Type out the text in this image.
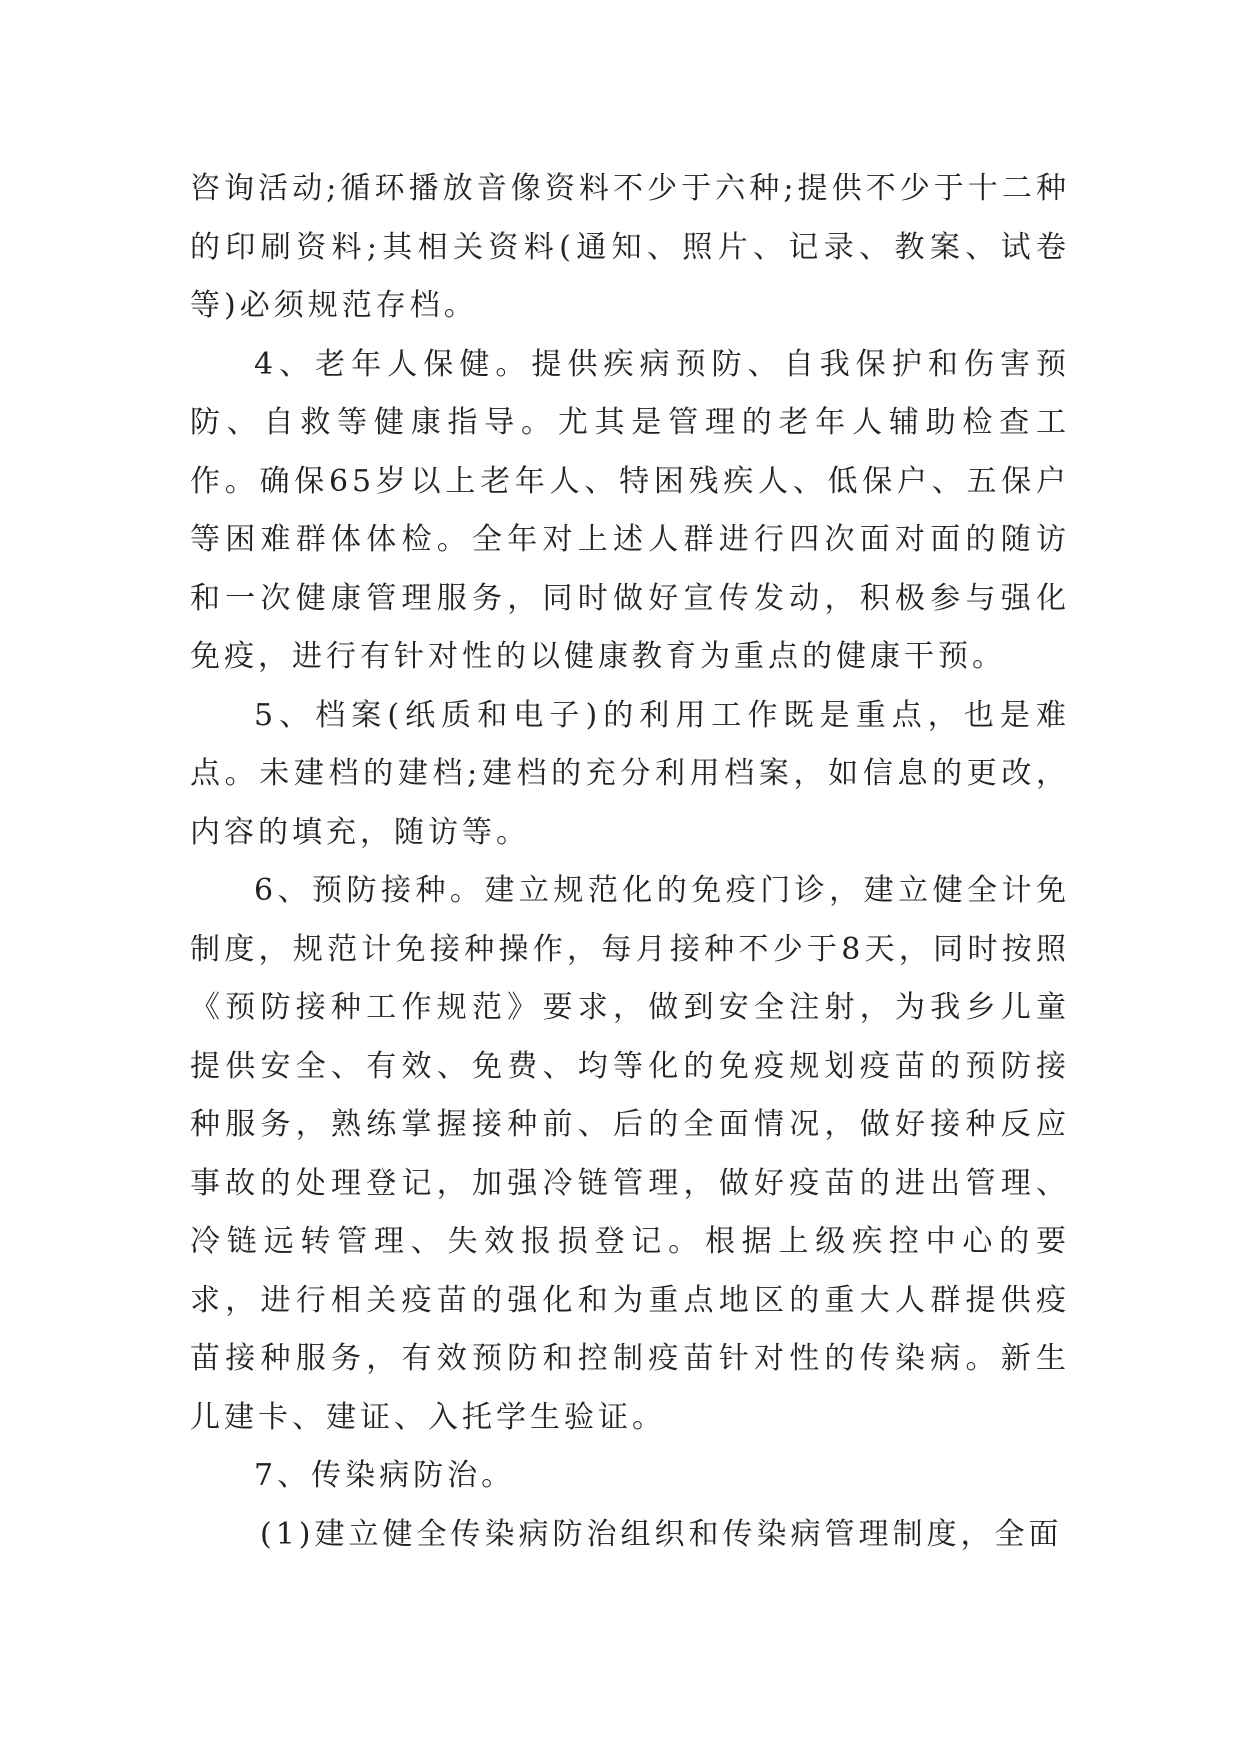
咨询活动;循环播放音像资料不少于六种;提供不少于十二种的印刷资料;其相关资料(通知、照片、记录、教案、试卷等)必须规范存档。

4、老年人保健。提供疾病预防、自我保护和伤害预防、自救等健康指导。尤其是管理的老年人辅助检查工作。确保65岁以上老年人、特困残疾人、低保户、五保户等困难群体体检。全年对上述人群进行四次面对面的随访和一次健康管理服务，同时做好宣传发动，积极参与强化免疫，进行有针对性的以健康教育为重点的健康干预。

5、档案(纸质和电子)的利用工作既是重点，也是难点。未建档的建档;建档的充分利用档案，如信息的更改，内容的填充，随访等。

6、预防接种。建立规范化的免疫门诊，建立健全计免制度，规范计免接种操作，每月接种不少于8天，同时按照《预防接种工作规范》要求，做到安全注射，为我乡儿童提供安全、有效、免费、均等化的免疫规划疫苗的预防接种服务，熟练掌握接种前、后的全面情况，做好接种反应事故的处理登记，加强冷链管理，做好疫苗的进出管理、冷链远转管理、失效报损登记。根据上级疾控中心的要求，进行相关疫苗的强化和为重点地区的重大人群提供疫苗接种服务，有效预防和控制疫苗针对性的传染病。新生儿建卡、建证、入托学生验证。

7、传染病防治。

(1)建立健全传染病防治组织和传染病管理制度，全面
